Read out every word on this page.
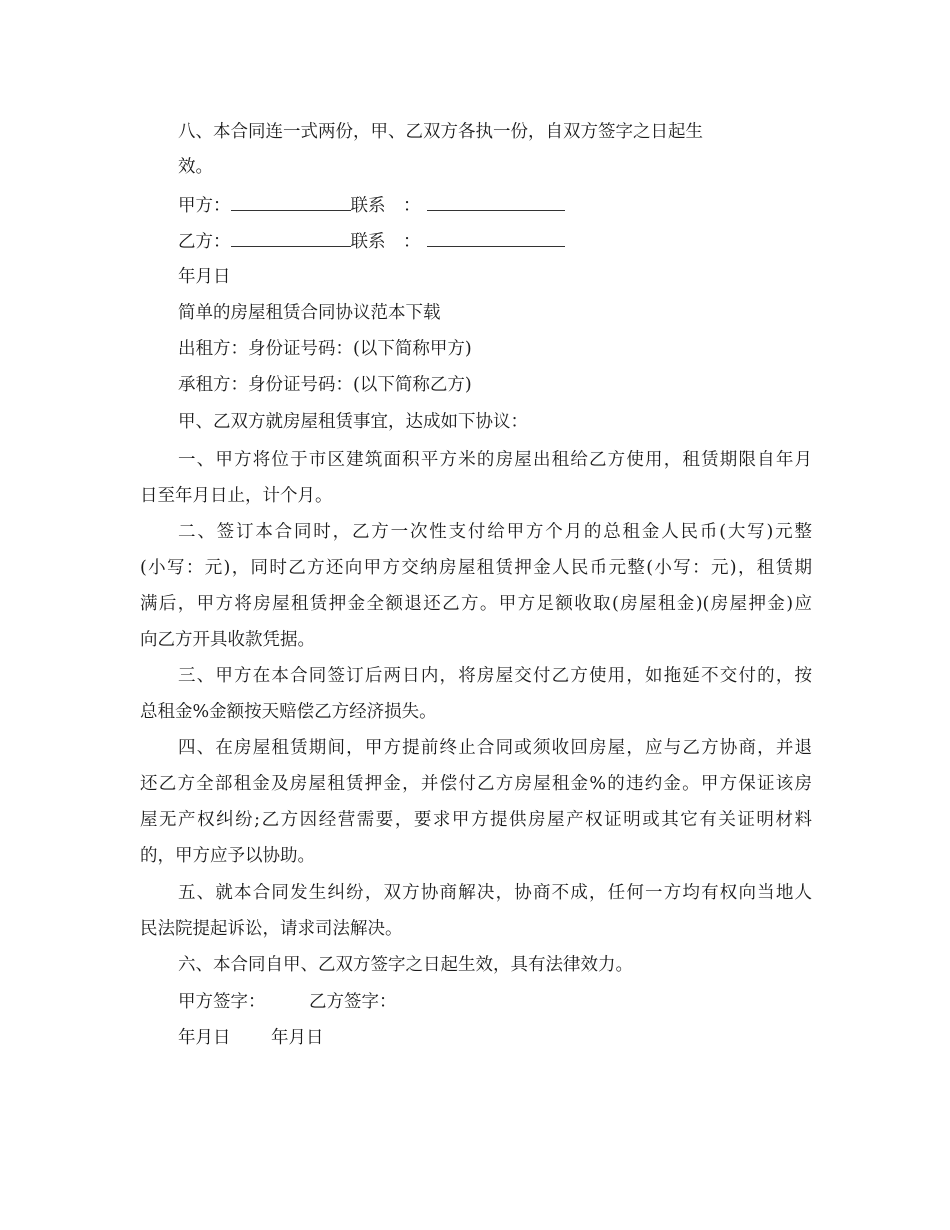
八、本合同连一式两份，甲、乙双方各执一份，自双方签字之日起生
效。
甲方：	联系　：
乙方：	联系　：
年月日
简单的房屋租赁合同协议范本下载
出租方：身份证号码：(以下简称甲方)
承租方：身份证号码：(以下简称乙方)
甲、乙双方就房屋租赁事宜，达成如下协议：
一、甲方将位于市区建筑面积平方米的房屋出租给乙方使用，租赁期限自年月
日至年月日止，计个月。
二、签订本合同时，乙方一次性支付给甲方个月的总租金人民币(大写)元整
(小写：元)，同时乙方还向甲方交纳房屋租赁押金人民币元整(小写：元)，租赁期
满后，甲方将房屋租赁押金全额退还乙方。甲方足额收取(房屋租金)(房屋押金)应
向乙方开具收款凭据。
三、甲方在本合同签订后两日内，将房屋交付乙方使用，如拖延不交付的，按
总租金%金额按天赔偿乙方经济损失。
四、在房屋租赁期间，甲方提前终止合同或须收回房屋，应与乙方协商，并退
还乙方全部租金及房屋租赁押金，并偿付乙方房屋租金%的违约金。甲方保证该房
屋无产权纠纷;乙方因经营需要，要求甲方提供房屋产权证明或其它有关证明材料
的，甲方应予以协助。
五、就本合同发生纠纷，双方协商解决，协商不成，任何一方均有权向当地人
民法院提起诉讼，请求司法解决。
六、本合同自甲、乙双方签字之日起生效，具有法律效力。
甲方签字： 乙方签字：
年月日 年月日
